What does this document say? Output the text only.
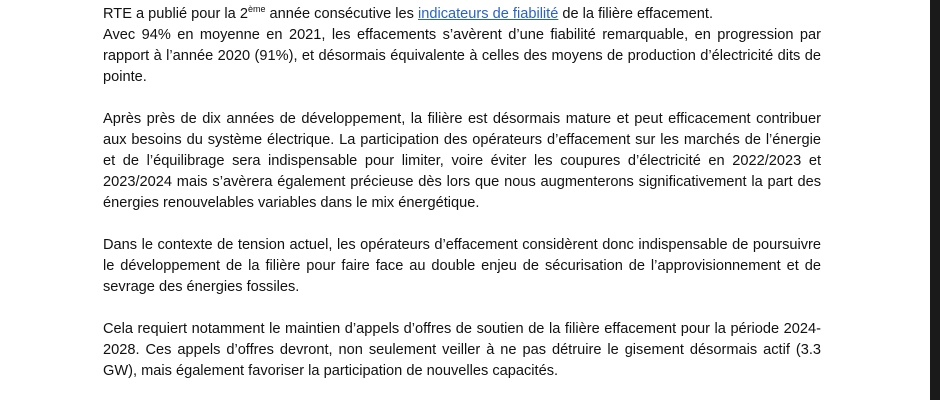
RTE a publié pour la 2ème année consécutive les indicateurs de fiabilité de la filière effacement.

Avec 94% en moyenne en 2021, les effacements s’avèrent d’une fiabilité remarquable, en progression par rapport à l’année 2020 (91%), et désormais équivalente à celles des moyens de production d’électricité dits de pointe.

Après près de dix années de développement, la filière est désormais mature et peut efficacement contribuer aux besoins du système électrique. La participation des opérateurs d’effacement sur les marchés de l’énergie et de l’équilibrage sera indispensable pour limiter, voire éviter les coupures d’électricité en 2022/2023 et 2023/2024 mais s’avèrera également précieuse dès lors que nous augmenterons significativement la part des énergies renouvelables variables dans le mix énergétique.

Dans le contexte de tension actuel, les opérateurs d’effacement considèrent donc indispensable de poursuivre le développement de la filière pour faire face au double enjeu de sécurisation de l’approvisionnement et de sevrage des énergies fossiles.

Cela requiert notamment le maintien d’appels d’offres de soutien de la filière effacement pour la période 2024-2028. Ces appels d’offres devront, non seulement veiller à ne pas détruire le gisement désormais actif (3.3 GW), mais également favoriser la participation de nouvelles capacités.
